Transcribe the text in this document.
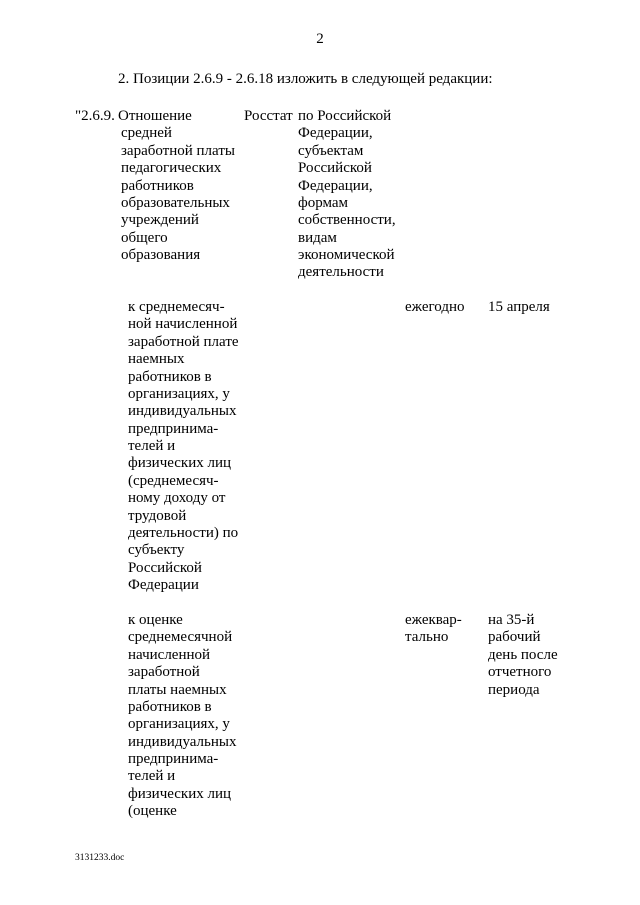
2
2. Позиции 2.6.9 - 2.6.18 изложить в следующей редакции:
"2.6.9. Отношение
средней
заработной платы
педагогических
работников
образовательных
учреждений
общего
образования
Росстат по Российской
Федерации,
субъектам
Российской
Федерации,
формам
собственности,
видам
экономической
деятельности
к среднемесяч-
ной начисленной
заработной плате
наемных
работников в
организациях, у
индивидуальных
предпринима-
телей и
физических лиц
(среднемесяч-
ному доходу от
трудовой
деятельности) по
субъекту
Российской
Федерации
ежегодно 15 апреля
к оценке
среднемесячной
начисленной
заработной
платы наемных
работников в
организациях, у
индивидуальных
предпринима-
телей и
физических лиц
(оценке
ежеквар-
тально
на 35-й
рабочий
день после
отчетного
периода
3131233.doc
